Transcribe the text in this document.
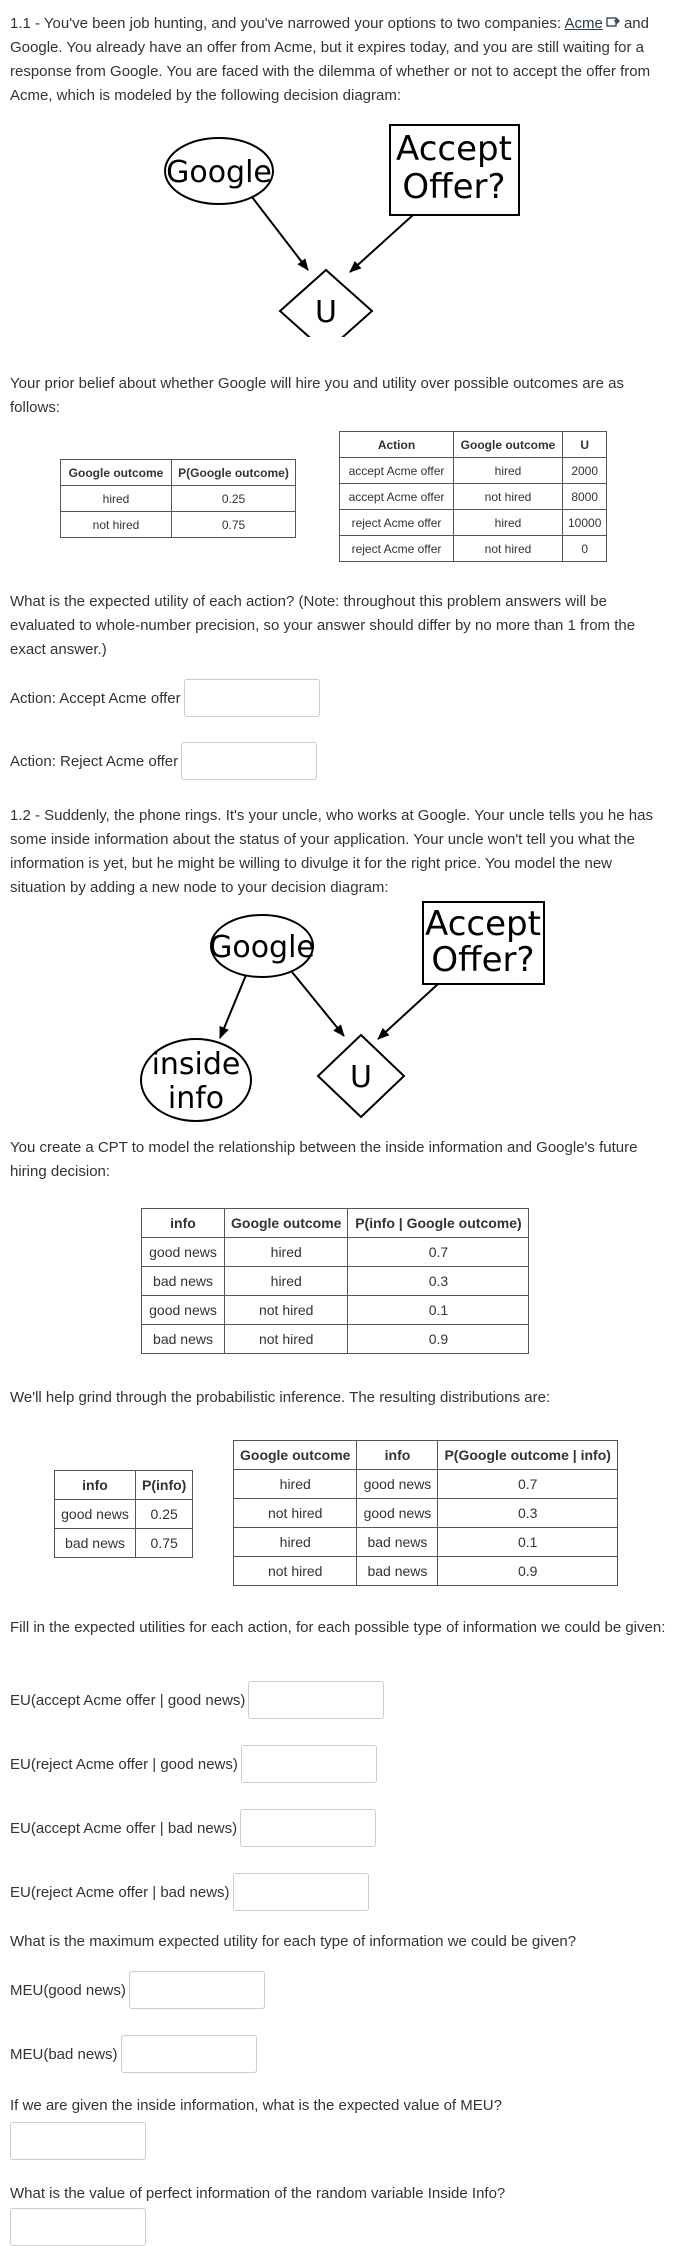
1.1 - You've been job hunting, and you've narrowed your options to two companies: Acme and Google. You already have an offer from Acme, but it expires today, and you are still waiting for a response from Google. You are faced with the dilemma of whether or not to accept the offer from Acme, which is modeled by the following decision diagram:
Google
Accept
Offer?
U
Your prior belief about whether Google will hire you and utility over possible outcomes are as follows:
Google outcome	P(Google outcome)
hired	0.25
not hired	0.75
Action	Google outcome	U
accept Acme offer	hired	2000
accept Acme offer	not hired	8000
reject Acme offer	hired	10000
reject Acme offer	not hired	0
What is the expected utility of each action? (Note: throughout this problem answers will be evaluated to whole-number precision, so your answer should differ by no more than 1 from the exact answer.)
Action: Accept Acme offer
Action: Reject Acme offer
1.2 - Suddenly, the phone rings. It's your uncle, who works at Google. Your uncle tells you he has some inside information about the status of your application. Your uncle won't tell you what the information is yet, but he might be willing to divulge it for the right price. You model the new situation by adding a new node to your decision diagram:
Google
Accept
Offer?
inside
info
U
You create a CPT to model the relationship between the inside information and Google's future hiring decision:
info	Google outcome	P(info | Google outcome)
good news	hired	0.7
bad news	hired	0.3
good news	not hired	0.1
bad news	not hired	0.9
We'll help grind through the probabilistic inference. The resulting distributions are:
info	P(info)
good news	0.25
bad news	0.75
Google outcome	info	P(Google outcome | info)
hired	good news	0.7
not hired	good news	0.3
hired	bad news	0.1
not hired	bad news	0.9
Fill in the expected utilities for each action, for each possible type of information we could be given:
EU(accept Acme offer | good news)
EU(reject Acme offer | good news)
EU(accept Acme offer | bad news)
EU(reject Acme offer | bad news)
What is the maximum expected utility for each type of information we could be given?
MEU(good news)
MEU(bad news)
If we are given the inside information, what is the expected value of MEU?
What is the value of perfect information of the random variable Inside Info?
